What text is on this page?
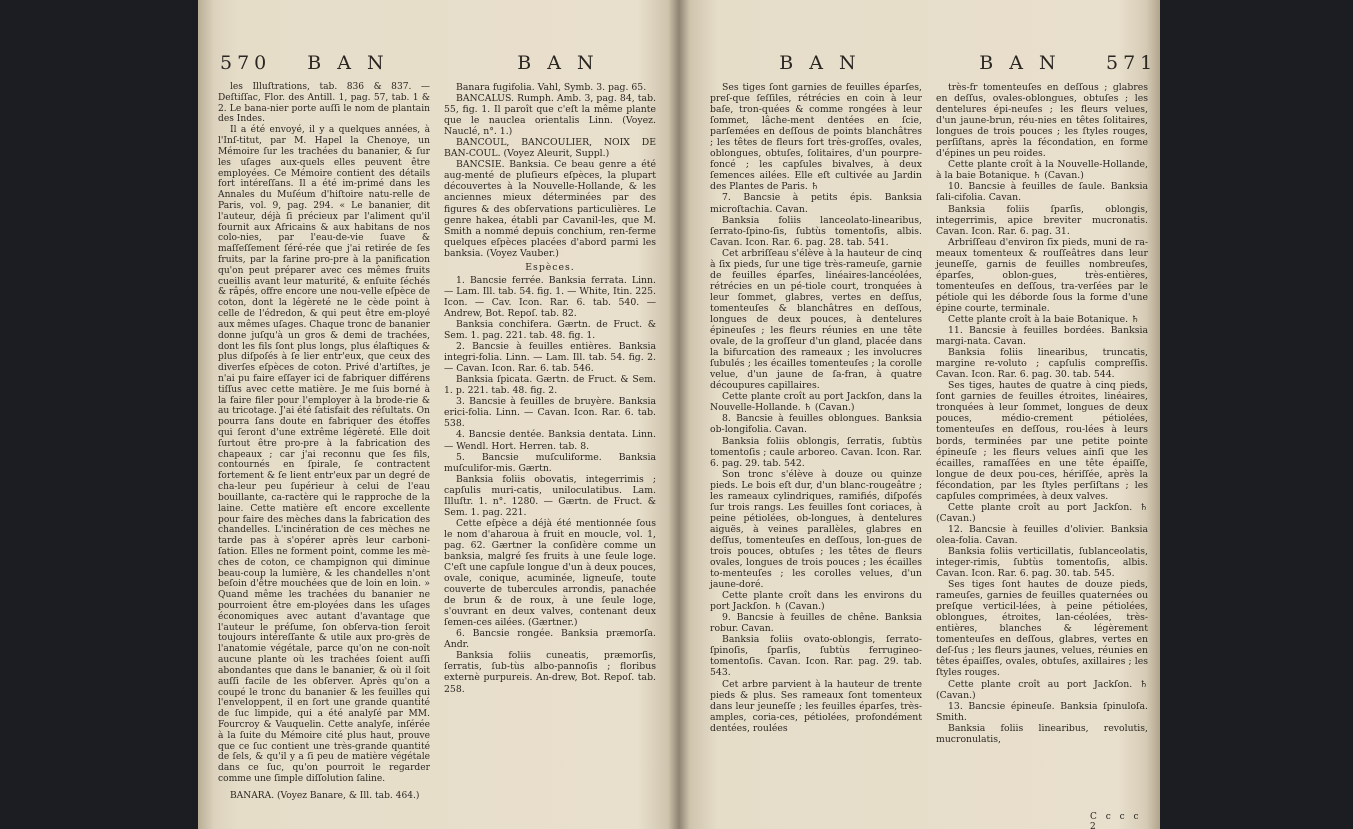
570	B A N	B A N

les Illuſtrations, tab. 836 & 837. — Deſtiſſac, Flor. des Antill. 1, pag. 57, tab. 1 & 2. Le bana-nier porte auſſi le nom de plantain des Indes.

Il a été envoyé, il y a quelques années, à l'Inſ-titut, par M. Hapel la Chenoye, un Mémoire ſur les trachées du bananier, & ſur les uſages aux-quels elles peuvent être employées. Ce Mémoire contient des détails fort intéreſſans. Il a été im-primé dans les Annales du Muſéum d'hiſtoire natu-relle de Paris, vol. 9, pag. 294. « Le bananier, dit l'auteur, déjà ſi précieux par l'aliment qu'il fournit aux Africains & aux habitans de nos colo-nies, par l'eau-de-vie ſuave & maſſeſſement ſéré-rée que j'ai retirée de ſes fruits, par la farine pro-pre à la panification qu'on peut préparer avec ces mêmes fruits cueillis avant leur maturité, & enſuite ſéchés & râpés, offre encore une nou-velle eſpèce de coton, dont la légèreté ne le cède point à celle de l'édredon, & qui peut être em-ployé aux mêmes uſages. Chaque tronc de bananier donne juſqu'à un gros & demi de trachées, dont les fils ſont plus longs, plus élaſtiques & plus diſpoſés à ſe lier entr'eux, que ceux des diverſes eſpèces de coton. Privé d'artiſtes, je n'ai pu faire eſſayer ici de fabriquer différens tiſſus avec cette matière. Je me ſuis borné à la faire filer pour l'employer à la brode-rie & au tricotage. J'ai été ſatisfait des réſultats. On pourra ſans doute en fabriquer des étoffes qui ſeront d'une extrême légèreté. Elle doit ſurtout être pro-pre à la fabrication des chapeaux ; car j'ai reconnu que ſes fils, contournés en ſpirale, ſe contractent fortement & ſe lient entr'eux par un degré de cha-leur peu ſupérieur à celui de l'eau bouillante, ca-ractère qui le rapproche de la laine. Cette matière eſt encore excellente pour faire des mèches dans la fabrication des chandelles. L'incinération de ces mèches ne tarde pas à s'opérer après leur carboni-ſation. Elles ne forment point, comme les mè-ches de coton, ce champignon qui diminue beau-coup la lumière, & les chandelles n'ont beſoin d'être mouchées que de loin en loin. » Quand même les trachées du bananier ne pourroient être em-ployées dans les uſages économiques avec autant d'avantage que l'auteur le préſume, ſon obſerva-tion ſeroit toujours intéreſſante & utile aux pro-grès de l'anatomie végétale, parce qu'on ne con-noît aucune plante où les trachées ſoient auſſi abondantes que dans le bananier, & où il ſoit auſſi facile de les obſerver. Après qu'on a coupé le tronc du bananier & les feuilles qui l'enveloppent, il en ſort une grande quantité de ſuc limpide, qui a été analyſé par MM. Fourcroy & Vauquelin. Cette analyſe, inſérée à la ſuite du Mémoire cité plus haut, prouve que ce ſuc contient une très-grande quantité de ſels, & qu'il y a ſi peu de matière végétale dans ce ſuc, qu'on pourroit le regarder comme une ſimple diſſolution ſaline.

BANARA. (Voyez Banare, & Ill. tab. 464.)

Banara fugifolia. Vahl, Symb. 3. pag. 65.

BANCALUS. Rumph. Amb. 3, pag. 84, tab. 55, fig. 1. Il paroît que c'eſt la même plante que le nauclea orientalis Linn. (Voyez. Nauclé, n°. 1.)

BANCOUL, BANCOULIER, NOIX DE BAN-COUL. (Voyez Aleurit, Suppl.)

BANCSIE. Banksia. Ce beau genre a été aug-menté de pluſieurs eſpèces, la plupart découvertes à la Nouvelle-Hollande, & les anciennes mieux déterminées par des figures & des obſervations particulières. Le genre hakea, établi par Cavanil-les, que M. Smith a nommé depuis conchium, ren-ferme quelques eſpèces placées d'abord parmi les banksia. (Voyez Vauber.)

Espèces.

1. Bancsie ferrée. Banksia ferrata. Linn. — Lam. Ill. tab. 54. fig. 1. — White, Itin. 225. Icon. — Cav. Icon. Rar. 6. tab. 540. — Andrew, Bot. Repoſ. tab. 82.

Banksia conchifera. Gærtn. de Fruct. & Sem. 1. pag. 221. tab. 48. fig. 1.

2. Bancsie à feuilles entières. Banksia integri-folia. Linn. — Lam. Ill. tab. 54. fig. 2. — Cavan. Icon. Rar. 6. tab. 546.

Banksia ſpicata. Gærtn. de Fruct. & Sem. 1. p. 221. tab. 48. fig. 2.

3. Bancsie à feuilles de bruyère. Banksia erici-folia. Linn. — Cavan. Icon. Rar. 6. tab. 538.

4. Bancsie dentée. Banksia dentata. Linn. — Wendl. Hort. Herren. tab. 8.

5. Bancsie muſculiforme. Banksia muſculifor-mis. Gærtn.

Banksia foliis obovatis, integerrimis ; capſulis muri-catis, uniloculatibus. Lam. Illuſtr. 1. n°. 1280. — Gærtn. de Fruct. & Sem. 1. pag. 221.

Cette eſpèce a déjà été mentionnée ſous le nom d'aharoua à fruit en moucle, vol. 1, pag. 62. Gærtner la conſidère comme un banksia, malgré ſes fruits à une ſeule loge. C'eſt une capſule longue d'un à deux pouces, ovale, conique, acuminée, ligneuſe, toute couverte de tubercules arrondis, panachée de brun & de roux, à une ſeule loge, s'ouvrant en deux valves, contenant deux ſemen-ces ailées. (Gærtner.)

6. Bancsie rongée. Banksia præmorſa. Andr.

Banksia foliis cuneatis, præmorſis, ſerratis, ſub-tùs albo-pannoſis ; floribus externè purpureis. An-drew, Bot. Repoſ. tab. 258.

B A N	B A N	571

Ses tiges ſont garnies de feuilles éparſes, preſ-que ſeſſiles, rétrécies en coin à leur baſe, tron-quées & comme rongées à leur ſommet, lâche-ment dentées en ſcie, parſemées en deſſous de points blanchâtres ; les têtes de fleurs fort très-groſſes, ovales, oblongues, obtuſes, ſolitaires, d'un pourpre-foncé ; les capſules bivalves, à deux ſemences ailées. Elle eſt cultivée au Jardin des Plantes de Paris. ♄

7. Bancsie à petits épis. Banksia microſtachia. Cavan.

Banksia foliis lanceolato-linearibus, ſerrato-ſpino-ſis, ſubtùs tomentoſis, albis. Cavan. Icon. Rar. 6. pag. 28. tab. 541.

Cet arbriſſeau s'élève à la hauteur de cinq à ſix pieds, ſur une tige très-rameuſe, garnie de feuilles éparſes, linéaires-lancéolées, rétrécies en un pé-tiole court, tronquées à leur ſommet, glabres, vertes en deſſus, tomenteuſes & blanchâtres en deſſous, longues de deux pouces, à dentelures épineuſes ; les fleurs réunies en une tête ovale, de la groſſeur d'un gland, placée dans la bifurcation des rameaux ; les involucres ſubulés ; les écailles tomenteuſes ; la corolle velue, d'un jaune de ſa-fran, à quatre découpures capillaires.

Cette plante croît au port Jackſon, dans la Nouvelle-Hollande. ♄ (Cavan.)

8. Bancsie à feuilles oblongues. Banksia ob-longifolia. Cavan.

Banksia foliis oblongis, ſerratis, ſubtùs tomentoſis ; caule arboreo. Cavan. Icon. Rar. 6. pag. 29. tab. 542.

Son tronc s'élève à douze ou quinze pieds. Le bois eſt dur, d'un blanc-rougeâtre ; les rameaux cylindriques, ramifiés, diſpoſés ſur trois rangs. Les feuilles ſont coriaces, à peine pétiolées, ob-longues, à dentelures aiguës, à veines parallèles, glabres en deſſus, tomenteuſes en deſſous, lon-gues de trois pouces, obtuſes ; les têtes de fleurs ovales, longues de trois pouces ; les écailles to-menteuſes ; les corolles velues, d'un jaune-doré.

Cette plante croît dans les environs du port Jackſon. ♄ (Cavan.)

9. Bancsie à feuilles de chêne. Banksia robur. Cavan.

Banksia foliis ovato-oblongis, ſerrato-ſpinoſis, ſparſis, ſubtùs ferrugineo-tomentoſis. Cavan. Icon. Rar. pag. 29. tab. 543.

Cet arbre parvient à la hauteur de trente pieds & plus. Ses rameaux ſont tomenteux dans leur jeuneſſe ; les feuilles éparſes, très-amples, coria-ces, pétiolées, profondément dentées, roulées

très-fr tomenteuſes en deſſous ; glabres en deſſus, ovales-oblongues, obtuſes ; les dentelures épi-neuſes ; les fleurs velues, d'un jaune-brun, réu-nies en têtes ſolitaires, longues de trois pouces ; les ſtyles rouges, perſiſtans, après la fécondation, en forme d'épines un peu roides.

Cette plante croît à la Nouvelle-Hollande, à la baie Botanique. ♄ (Cavan.)

10. Bancsie à feuilles de ſaule. Banksia ſali-cifolia. Cavan.

Banksia foliis ſparſis, oblongis, integerrimis, apice breviter mucronatis. Cavan. Icon. Rar. 6. pag. 31.

Arbriſſeau d'environ ſix pieds, muni de ra-meaux tomenteux & rouſſeâtres dans leur jeuneſſe, garnis de feuilles nombreuſes, éparſes, oblon-gues, très-entières, tomenteuſes en deſſous, tra-verſées par le pétiole qui les déborde ſous la forme d'une épine courte, terminale.

Cette plante croît à la baie Botanique. ♄

11. Bancsie à feuilles bordées. Banksia margi-nata. Cavan.

Banksia foliis linearibus, truncatis, margine re-voluto ; capſulis compreſſis. Cavan. Icon. Rar. 6. pag. 30. tab. 544.

Ses tiges, hautes de quatre à cinq pieds, ſont garnies de feuilles étroites, linéaires, tronquées à leur ſommet, longues de deux pouces, médio-crement pétiolées, tomenteuſes en deſſous, rou-lées à leurs bords, terminées par une petite pointe épineuſe ; les fleurs velues ainſi que les écailles, ramaſſées en une tête épaiſſe, longue de deux pou-ces, hériſſée, après la fécondation, par les ſtyles perſiſtans ; les capſules comprimées, à deux valves.

Cette plante croît au port Jackſon. ♄ (Cavan.)

12. Bancsie à feuilles d'olivier. Banksia olea-folia. Cavan.

Banksia foliis verticillatis, ſublanceolatis, integer-rimis, ſubtùs tomentoſis, albis. Cavan. Icon. Rar. 6. pag. 30. tab. 545.

Ses tiges ſont hautes de douze pieds, rameuſes, garnies de feuilles quaternées ou preſque verticil-lées, à peine pétiolées, oblongues, étroites, lan-céolées, très-entières, blanches & légèrement tomenteuſes en deſſous, glabres, vertes en deſ-ſus ; les fleurs jaunes, velues, réunies en têtes épaiſſes, ovales, obtuſes, axillaires ; les ſtyles rouges.

Cette plante croît au port Jackſon. ♄ (Cavan.)

13. Bancsie épineuſe. Banksia ſpinuloſa. Smith.

Banksia foliis linearibus, revolutis, mucronulatis,

C c c c 2
